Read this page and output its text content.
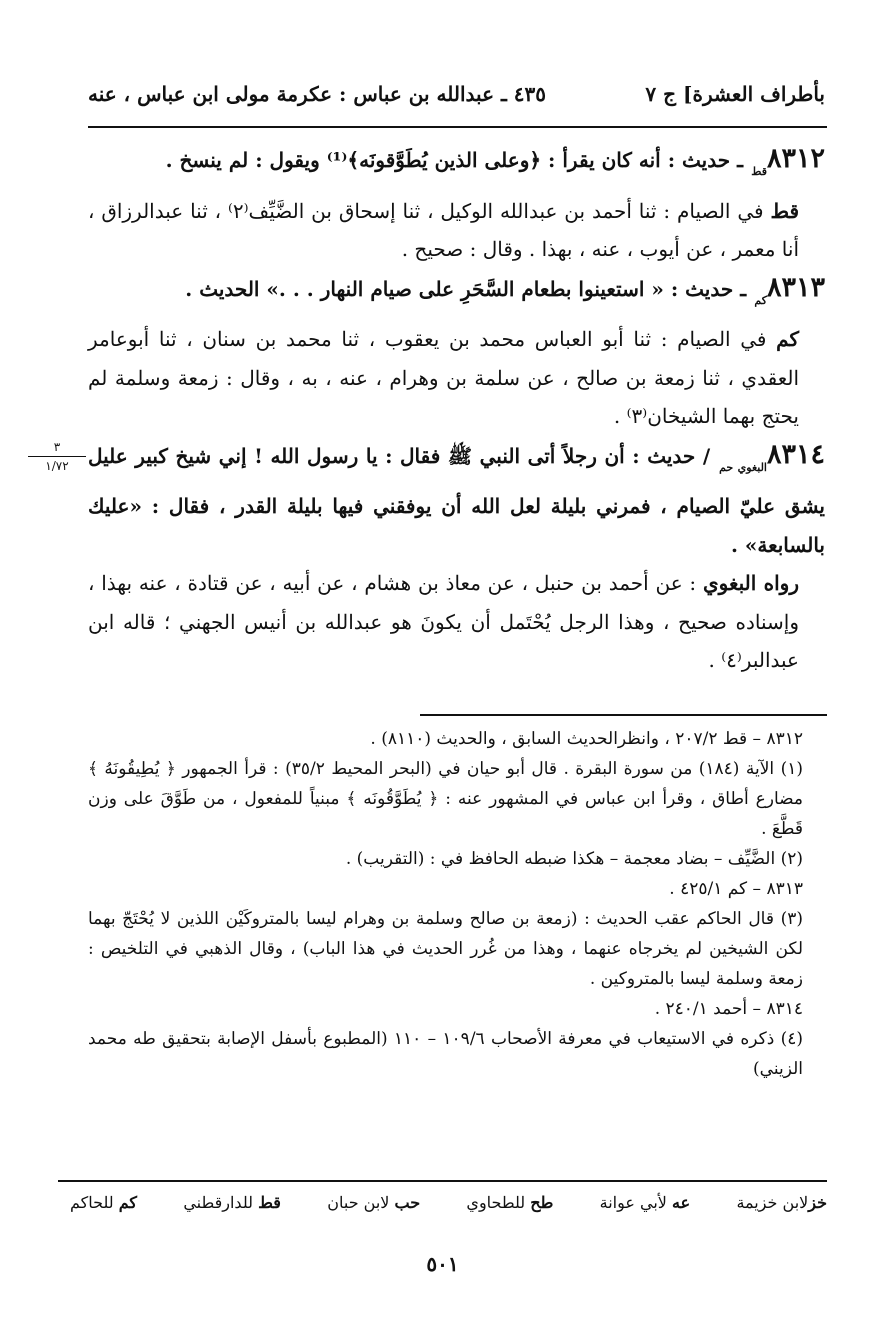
بأطراف العشرة] ج ٧
٤٣٥ ـ عبدالله بن عباس : عكرمة مولى ابن عباس ، عنه
٣
١/٧٢

$٨٣١٢_{قط}$ ـ حديث : أنه كان يقرأ : ﴿وعلى الذين يُطَوَّقونَه﴾⁽¹⁾ ويقول : لم ينسخ .

قط في الصيام : ثنا أحمد بن عبدالله الوكيل ، ثنا إسحاق بن الضَّيِّف⁽٢⁾ ، ثنا عبدالرزاق ، أنا معمر ، عن أيوب ، عنه ، بهذا . وقال : صحيح .

$٨٣١٣_{كم}$ ـ حديث : « استعينوا بطعام السَّحَرِ على صيام النهار . . .» الحديث .

كم في الصيام : ثنا أبو العباس محمد بن يعقوب ، ثنا محمد بن سنان ، ثنا أبوعامر العقدي ، ثنا زمعة بن صالح ، عن سلمة بن وهرام ، عنه ، به ، وقال : زمعة وسلمة لم يحتج بهما الشيخان⁽٣⁾ .

$٨٣١٤_{البغوي حم}$ / حديث : أن رجلاً أتى النبي ﷺ فقال : يا رسول الله ! إني شيخ كبير عليل يشق عليّ الصيام ، فمرني بليلة لعل الله أن يوفقني فيها بليلة القدر ، فقال : «عليك بالسابعة» .

رواه البغوي : عن أحمد بن حنبل ، عن معاذ بن هشام ، عن أبيه ، عن قتادة ، عنه بهذا ، وإسناده صحيح ، وهذا الرجل يُحْتَمل أن يكونَ هو عبدالله بن أنيس الجهني ؛ قاله ابن عبدالبر⁽٤⁾ .

٨٣١٢ – قط ٢٠٧/٢ ، وانظرالحديث السابق ، والحديث (٨١١٠) .

(١) الآية (١٨٤) من سورة البقرة . قال أبو حيان في (البحر المحيط ٣٥/٢) : قرأ الجمهور ﴿ يُطِيقُونَهُ ﴾ مضارع أطاق ، وقرأ ابن عباس في المشهور عنه : ﴿ يُطَوَّقُونَه ﴾ مبنياً للمفعول ، من طَوَّقَ على وزن قَطَّعَ .

(٢) الضَّيِّف – بضاد معجمة – هكذا ضبطه الحافظ في : (التقريب) .

٨٣١٣ – كم ٤٢٥/١ .

(٣) قال الحاكم عقب الحديث : (زمعة بن صالح وسلمة بن وهرام ليسا بالمتروكَيْن اللذين لا يُحْتَجّ بهما لكن الشيخين لم يخرجاه عنهما ، وهذا من غُرر الحديث في هذا الباب) ، وقال الذهبي في التلخيص : زمعة وسلمة ليسا بالمتروكين .

٨٣١٤ – أحمد ٢٤٠/١ .

(٤) ذكره في الاستيعاب في معرفة الأصحاب ١٠٩/٦ – ١١٠ (المطبوع بأسفل الإصابة بتحقيق طه محمد الزيني)

خزلابن خزيمة
عه لأبي عوانة
طح للطحاوي
حب لابن حبان
قط للدارقطني
كم للحاكم
٥٠١
